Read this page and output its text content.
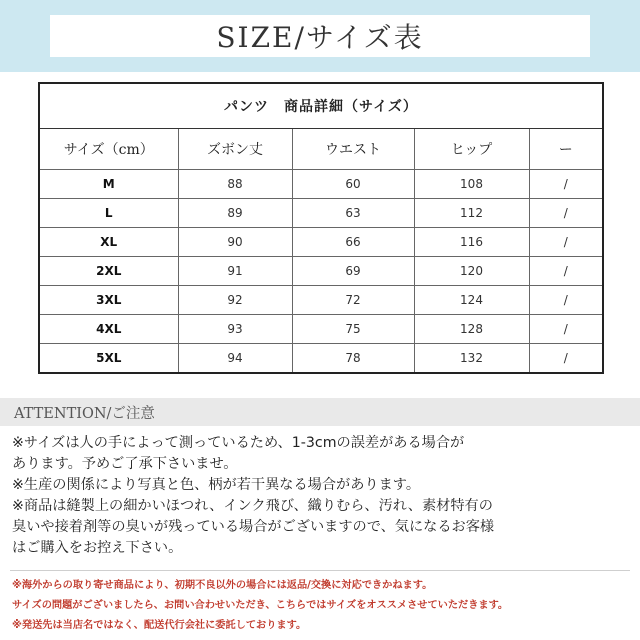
SIZE/サイズ表
パンツ　商品詳細（サイズ）
サイズ（cm）	ズボン丈	ウエスト	ヒップ	ー
M	88	60	108	/
L	89	63	112	/
XL	90	66	116	/
2XL	91	69	120	/
3XL	92	72	124	/
4XL	93	75	128	/
5XL	94	78	132	/
ATTENTION/ご注意
※サイズは人の手によって測っているため、1-3cmの誤差がある場合が
あります。予めご了承下さいませ。
※生産の関係により写真と色、柄が若干異なる場合があります。
※商品は縫製上の細かいほつれ、インク飛び、織りむら、汚れ、素材特有の
臭いや接着剤等の臭いが残っている場合がございますので、気になるお客様
はご購入をお控え下さい。
※海外からの取り寄せ商品により、初期不良以外の場合には返品/交換に対応できかねます。
サイズの問題がございましたら、お問い合わせいただき、こちらではサイズをオススメさせていただきます。
※発送先は当店名ではなく、配送代行会社に委託しております。
